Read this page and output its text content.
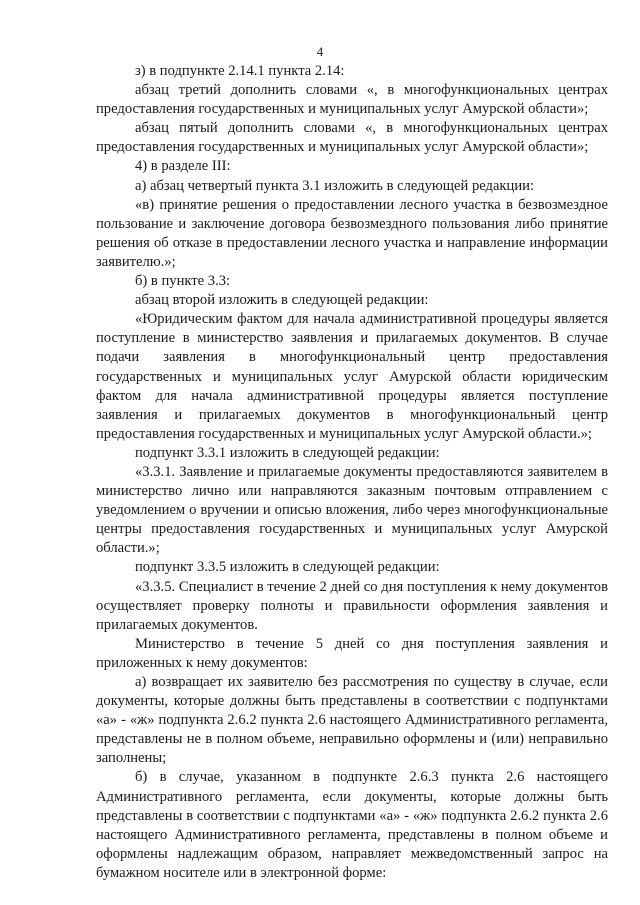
4

з) в подпункте 2.14.1 пункта 2.14:

абзац третий дополнить словами «, в многофункциональных центрах предоставления государственных и муниципальных услуг Амурской области»;

абзац пятый дополнить словами «, в многофункциональных центрах предоставления государственных и муниципальных услуг Амурской области»;

4) в разделе III:

а) абзац четвертый пункта 3.1 изложить в следующей редакции:

«в) принятие решения о предоставлении лесного участка в безвозмездное пользование и заключение договора безвозмездного пользования либо принятие решения об отказе в предоставлении лесного участка и направление информации заявителю.»;

б) в пункте 3.3:

абзац второй изложить в следующей редакции:

«Юридическим фактом для начала административной процедуры является поступление в министерство заявления и прилагаемых документов. В случае подачи заявления в многофункциональный центр предоставления государственных и муниципальных услуг Амурской области юридическим фактом для начала административной процедуры является поступление заявления и прилагаемых документов в многофункциональный центр предоставления государственных и муниципальных услуг Амурской области.»;

подпункт 3.3.1 изложить в следующей редакции:

«3.3.1. Заявление и прилагаемые документы предоставляются заявителем в министерство лично или направляются заказным почтовым отправлением с уведомлением о вручении и описью вложения, либо через многофункциональные центры предоставления государственных и муниципальных услуг Амурской области.»;

подпункт 3.3.5 изложить в следующей редакции:

«3.3.5. Специалист в течение 2 дней со дня поступления к нему документов осуществляет проверку полноты и правильности оформления заявления и прилагаемых документов.

Министерство в течение 5 дней со дня поступления заявления и приложенных к нему документов:

а) возвращает их заявителю без рассмотрения по существу в случае, если документы, которые должны быть представлены в соответствии с подпунктами «а» - «ж» подпункта 2.6.2 пункта 2.6 настоящего Административного регламента, представлены не в полном объеме, неправильно оформлены и (или) неправильно заполнены;

б) в случае, указанном в подпункте 2.6.3 пункта 2.6 настоящего Административного регламента, если документы, которые должны быть представлены в соответствии с подпунктами «а» - «ж» подпункта 2.6.2 пункта 2.6 настоящего Административного регламента, представлены в полном объеме и оформлены надлежащим образом, направляет межведомственный запрос на бумажном носителе или в электронной форме:
